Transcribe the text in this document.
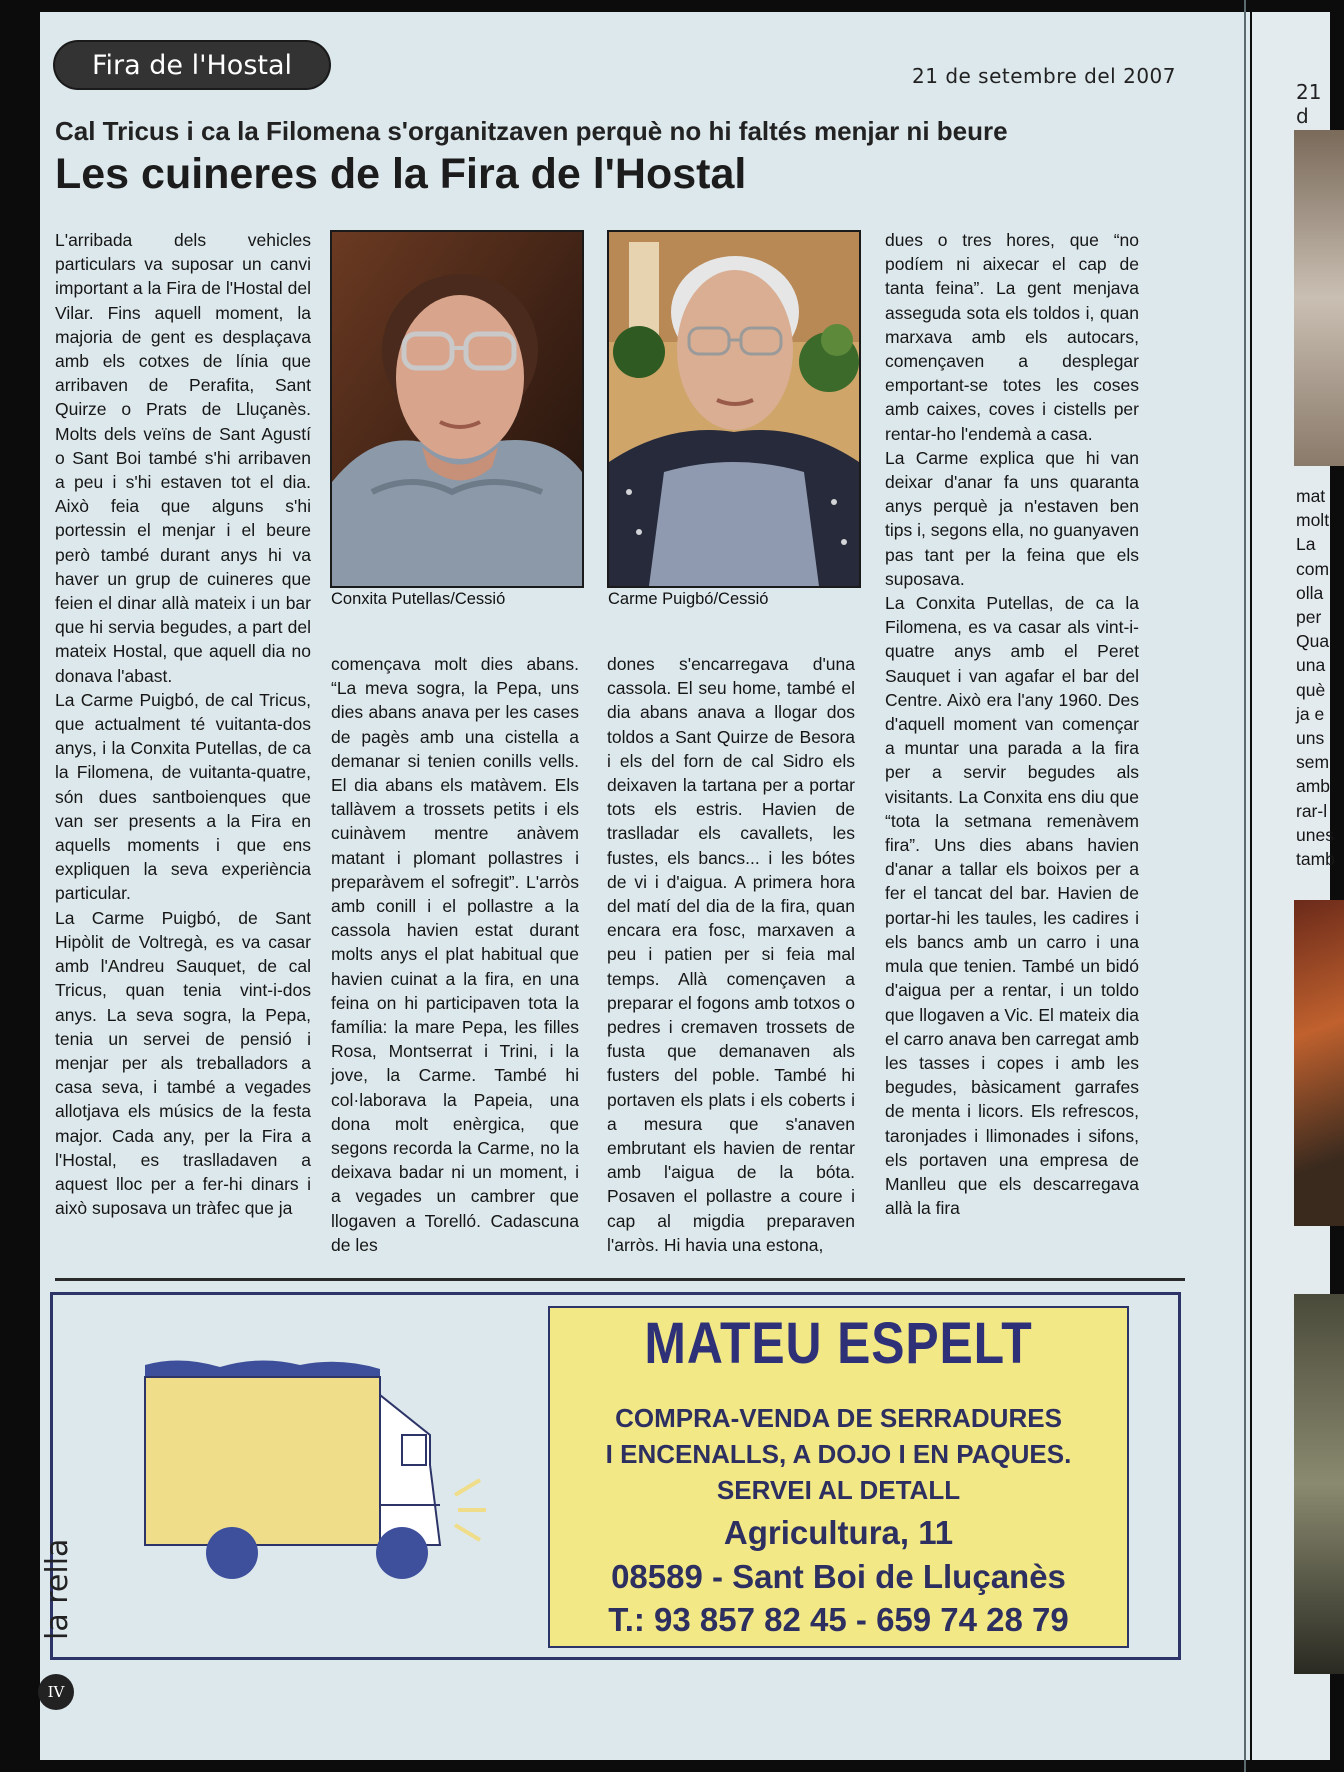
21 d
mat
molt
La
com
olla
per
Qua
una
què
ja e
uns
sem
amb
rar-l
unes
tamb
Fira de l'Hostal	21 de setembre del 2007
Cal Tricus i ca la Filomena s'organitzaven perquè no hi faltés menjar ni beure
Les cuineres de la Fira de l'Hostal

L'arribada dels vehicles particulars va suposar un canvi important a la Fira de l'Hostal del Vilar. Fins aquell moment, la majoria de gent es desplaçava amb els cotxes de línia que arribaven de Perafita, Sant Quirze o Prats de Lluçanès. Molts dels veïns de Sant Agustí o Sant Boi també s'hi arribaven a peu i s'hi estaven tot el dia. Això feia que alguns s'hi portessin el menjar i el beure però també durant anys hi va haver un grup de cuineres que feien el dinar allà mateix i un bar que hi servia begudes, a part del mateix Hostal, que aquell dia no donava l'abast.

La Carme Puigbó, de cal Tricus, que actualment té vuitanta-dos anys, i la Conxita Putellas, de ca la Filomena, de vuitanta-quatre, són dues santboienques que van ser presents a la Fira en aquells moments i que ens expliquen la seva experiència particular.

La Carme Puigbó, de Sant Hipòlit de Voltregà, es va casar amb l'Andreu Sauquet, de cal Tricus, quan tenia vint-i-dos anys. La seva sogra, la Pepa, tenia un servei de pensió i menjar per als treballadors a casa seva, i també a vegades allotjava els músics de la festa major. Cada any, per la Fira a l'Hostal, es traslladaven a aquest lloc per a fer-hi dinars i això suposava un tràfec que ja

Conxita Putellas/Cessió	Carme Puigbó/Cessió

començava molt dies abans. “La meva sogra, la Pepa, uns dies abans anava per les cases de pagès amb una cistella a demanar si tenien conills vells. El dia abans els matàvem. Els tallàvem a trossets petits i els cuinàvem mentre anàvem matant i plomant pollastres i preparàvem el sofregit”. L'arròs amb conill i el pollastre a la cassola havien estat durant molts anys el plat habitual que havien cuinat a la fira, en una feina on hi participaven tota la família: la mare Pepa, les filles Rosa, Montserrat i Trini, i la jove, la Carme. També hi col·laborava la Papeia, una dona molt enèrgica, que segons recorda la Carme, no la deixava badar ni un moment, i a vegades un cambrer que llogaven a Torelló. Cadascuna de les

dones s'encarregava d'una cassola. El seu home, també el dia abans anava a llogar dos toldos a Sant Quirze de Besora i els del forn de cal Sidro els deixaven la tartana per a portar tots els estris. Havien de traslladar els cavallets, les fustes, els bancs... i les bótes de vi i d'aigua. A primera hora del matí del dia de la fira, quan encara era fosc, marxaven a peu i patien per si feia mal temps. Allà començaven a preparar el fogons amb totxos o pedres i cremaven trossets de fusta que demanaven als fusters del poble. També hi portaven els plats i els coberts i a mesura que s'anaven embrutant els havien de rentar amb l'aigua de la bóta. Posaven el pollastre a coure i cap al migdia preparaven l'arròs. Hi havia una estona,

dues o tres hores, que “no podíem ni aixecar el cap de tanta feina”. La gent menjava asseguda sota els toldos i, quan marxava amb els autocars, començaven a desplegar emportant-se totes les coses amb caixes, coves i cistells per rentar-ho l'endemà a casa.

La Carme explica que hi van deixar d'anar fa uns quaranta anys perquè ja n'estaven ben tips i, segons ella, no guanyaven pas tant per la feina que els suposava.

La Conxita Putellas, de ca la Filomena, es va casar als vint-i-quatre anys amb el Peret Sauquet i van agafar el bar del Centre. Això era l'any 1960. Des d'aquell moment van començar a muntar una parada a la fira per a servir begudes als visitants. La Conxita ens diu que “tota la setmana remenàvem fira”. Uns dies abans havien d'anar a tallar els boixos per a fer el tancat del bar. Havien de portar-hi les taules, les cadires i els bancs amb un carro i una mula que tenien. També un bidó d'aigua per a rentar, i un toldo que llogaven a Vic. El mateix dia el carro anava ben carregat amb les tasses i copes i amb les begudes, bàsicament garrafes de menta i licors. Els refrescos, taronjades i llimonades i sifons, els portaven una empresa de Manlleu que els descarregava allà la fira

MATEU ESPELT
COMPRA-VENDA DE SERRADURES
I ENCENALLS, A DOJO I EN PAQUES.
SERVEI AL DETALL
Agricultura, 11
08589 - Sant Boi de Lluçanès
T.: 93 857 82 45 - 659 74 28 79
la rella
IV
